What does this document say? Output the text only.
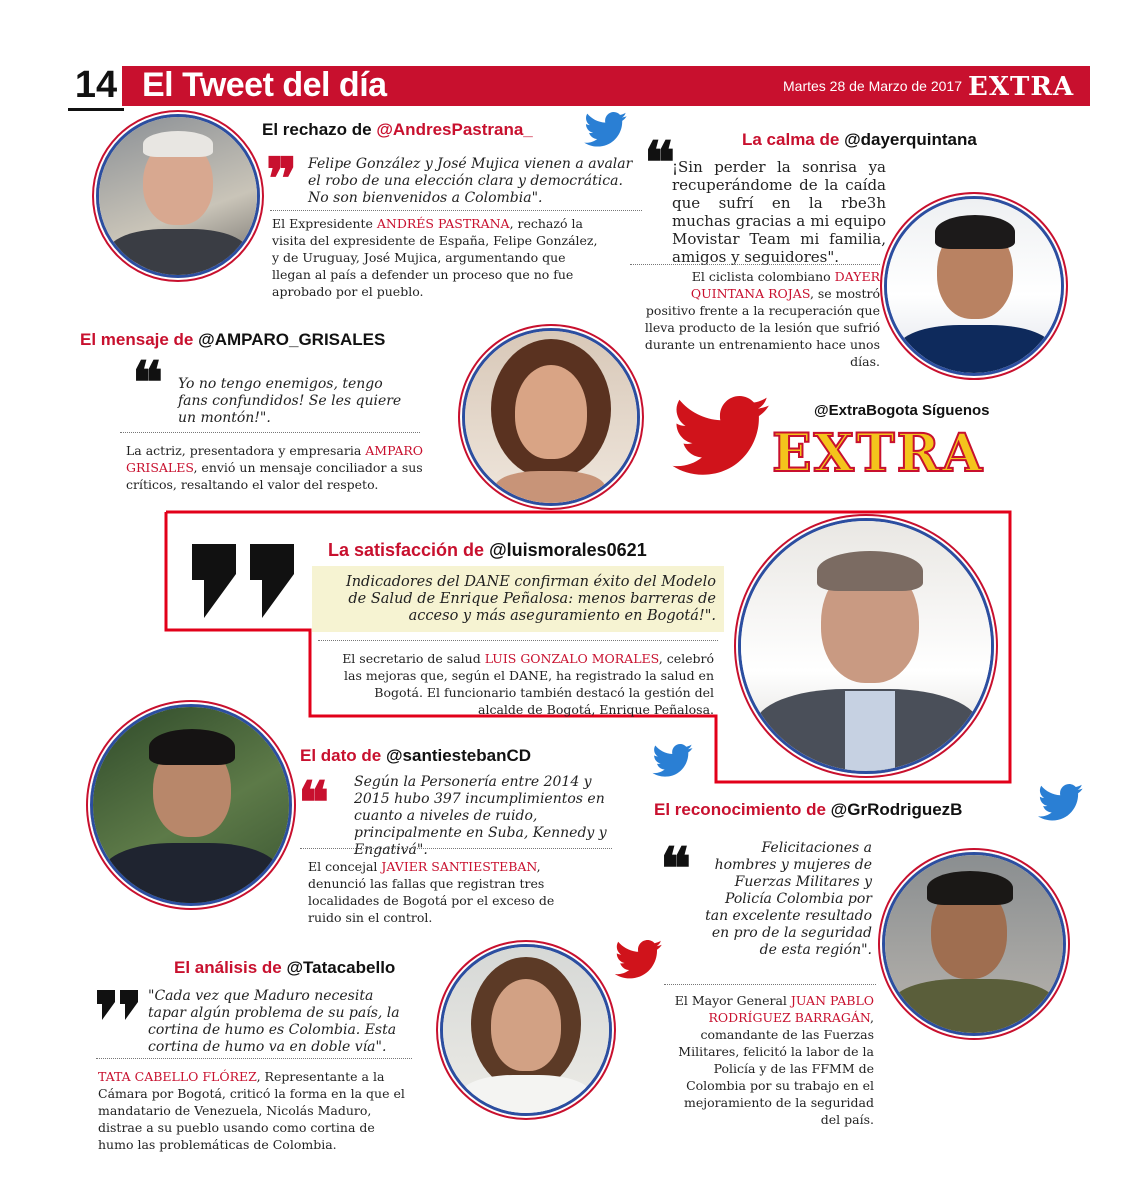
14 El Tweet del día	Martes 28 de Marzo de 2017 EXTRA
El rechazo de @AndresPastrana_
❞ Felipe González y José Mujica vienen a avalar el robo de una elección clara y democrática. No son bienvenidos a Colombia".
El Expresidente ANDRÉS PASTRANA, rechazó la visita del expresidente de España, Felipe González, y de Uruguay, José Mujica, argumentando que llegan al país a defender un proceso que no fue aprobado por el pueblo.
La calma de @dayerquintana
❝
¡Sin perder la sonrisa ya recuperándome de la caída que sufrí en la rbe3h muchas gracias a mi equipo Movistar Team mi familia, amigos y seguidores".
El ciclista colombiano DAYER QUINTANA ROJAS, se mostró positivo frente a la recuperación que lleva producto de la lesión que sufrió durante un entrenamiento hace unos días.
El mensaje de @AMPARO_GRISALES
❝ Yo no tengo enemigos, tengo fans confundidos! Se les quiere un montón!".
La actriz, presentadora y empresaria AMPARO GRISALES, envió un mensaje conciliador a sus críticos, resaltando el valor del respeto.
@ExtraBogota Síguenos
EXTRA
La satisfacción de @luismorales0621
Indicadores del DANE confirman éxito del Modelo de Salud de Enrique Peñalosa: menos barreras de acceso y más aseguramiento en Bogotá!".
El secretario de salud LUIS GONZALO MORALES, celebró las mejoras que, según el DANE, ha registrado la salud en Bogotá. El funcionario también destacó la gestión del alcalde de Bogotá, Enrique Peñalosa.
El dato de @santiestebanCD
❝ Según la Personería entre 2014 y 2015 hubo 397 incumplimientos en cuanto a niveles de ruido, principalmente en Suba, Kennedy y Engativá".
El concejal JAVIER SANTIESTEBAN, denunció las fallas que registran tres localidades de Bogotá por el exceso de ruido sin el control.
El reconocimiento de @GrRodriguezB
❝	Felicitaciones a hombres y mujeres de Fuerzas Militares y Policía Colombia por tan excelente resultado en pro de la seguridad de esta región".
El Mayor General JUAN PABLO RODRÍGUEZ BARRAGÁN, comandante de las Fuerzas Militares, felicitó la labor de la Policía y de las FFMM de Colombia por su trabajo en el mejoramiento de la seguridad del país.
El análisis de @Tatacabello
"Cada vez que Maduro necesita tapar algún problema de su país, la cortina de humo es Colombia. Esta cortina de humo va en doble vía".
TATA CABELLO FLÓREZ, Representante a la Cámara por Bogotá, criticó la forma en la que el mandatario de Venezuela, Nicolás Maduro, distrae a su pueblo usando como cortina de humo las problemáticas de Colombia.
